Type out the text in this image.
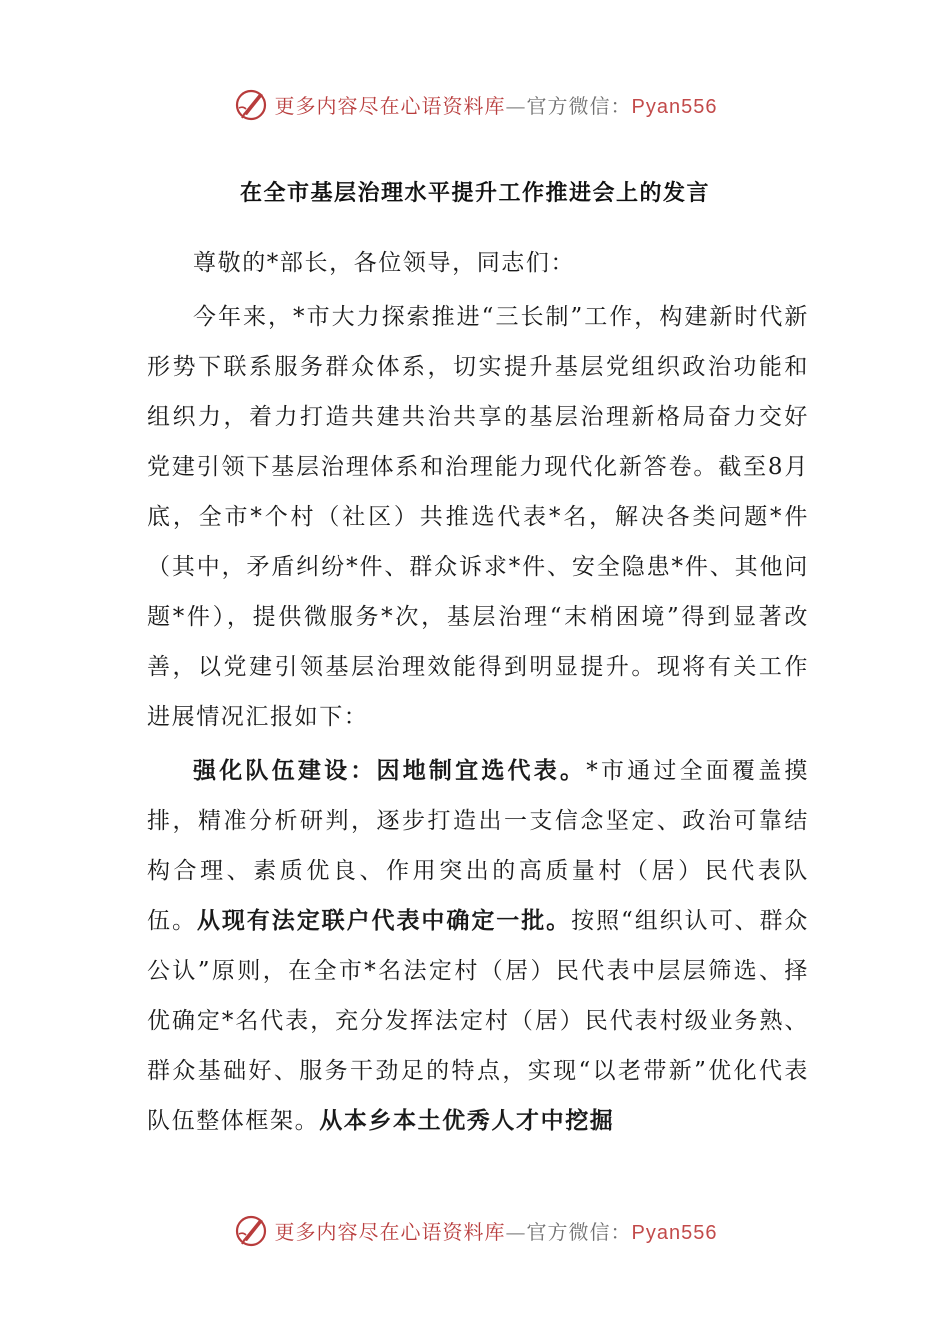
更多内容尽在心语资料库—官方微信：Pyan556
在全市基层治理水平提升工作推进会上的发言

尊敬的*部长，各位领导，同志们：

今年来，*市大力探索推进“三长制”工作，构建新时代新形势下联系服务群众体系，切实提升基层党组织政治功能和组织力，着力打造共建共治共享的基层治理新格局奋力交好党建引领下基层治理体系和治理能力现代化新答卷。截至8月底，全市*个村（社区）共推选代表*名，解决各类问题*件（其中，矛盾纠纷*件、群众诉求*件、安全隐患*件、其他问题*件），提供微服务*次，基层治理“末梢困境”得到显著改善，以党建引领基层治理效能得到明显提升。现将有关工作进展情况汇报如下：

强化队伍建设：因地制宜选代表。*市通过全面覆盖摸排，精准分析研判，逐步打造出一支信念坚定、政治可靠结构合理、素质优良、作用突出的高质量村（居）民代表队伍。从现有法定联户代表中确定一批。按照“组织认可、群众公认”原则，在全市*名法定村（居）民代表中层层筛选、择优确定*名代表，充分发挥法定村（居）民代表村级业务熟、群众基础好、服务干劲足的特点，实现“以老带新”优化代表队伍整体框架。从本乡本土优秀人才中挖掘

更多内容尽在心语资料库—官方微信：Pyan556
